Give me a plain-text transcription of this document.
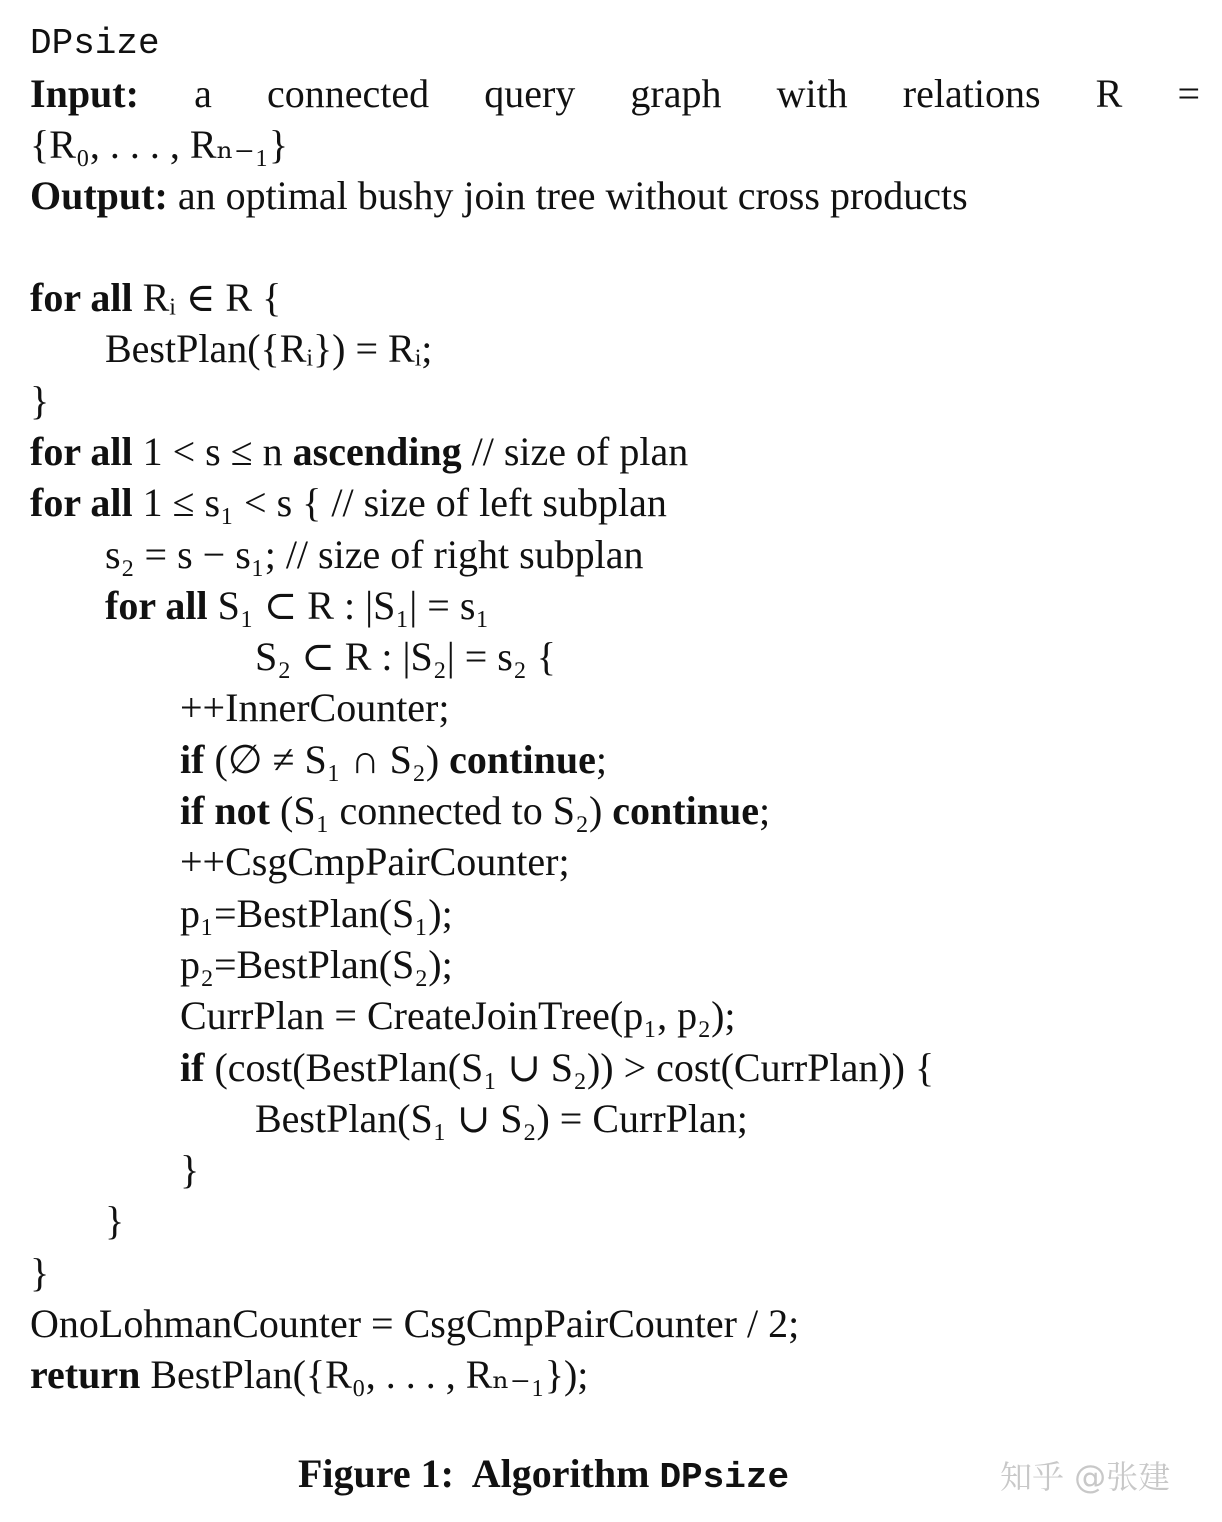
DPsize
Input: a connected query graph with relations R =
{R₀, . . . , Rₙ₋₁}
Output: an optimal bushy join tree without cross products
for all Rᵢ ∈ R {
BestPlan({Rᵢ}) = Rᵢ;
}
for all 1 < s ≤ n ascending // size of plan
for all 1 ≤ s₁ < s { // size of left subplan
s₂ = s − s₁; // size of right subplan
for all S₁ ⊂ R : |S₁| = s₁
S₂ ⊂ R : |S₂| = s₂ {
++InnerCounter;
if (∅ ≠ S₁ ∩ S₂) continue;
if not (S₁ connected to S₂) continue;
++CsgCmpPairCounter;
p₁=BestPlan(S₁);
p₂=BestPlan(S₂);
CurrPlan = CreateJoinTree(p₁, p₂);
if (cost(BestPlan(S₁ ∪ S₂)) > cost(CurrPlan)) {
BestPlan(S₁ ∪ S₂) = CurrPlan;
}
}
}
OnoLohmanCounter = CsgCmpPairCounter / 2;
return BestPlan({R₀, . . . , Rₙ₋₁});
Figure 1:  Algorithm DPsize	知乎 @张建
